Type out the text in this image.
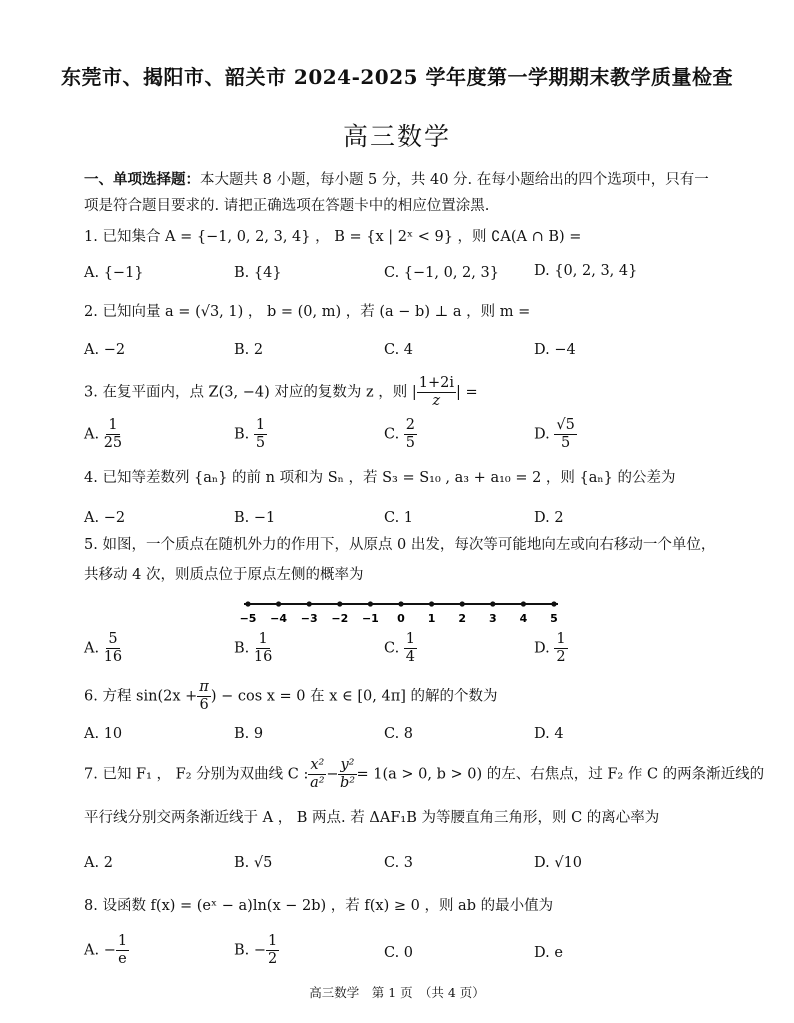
东莞市、揭阳市、韶关市 2024-2025 学年度第一学期期末教学质量检查
高三数学
一、单项选择题：本大题共 8 小题，每小题 5 分，共 40 分. 在每小题给出的四个选项中，只有一
项是符合题目要求的. 请把正确选项在答题卡中的相应位置涂黑.
1. 已知集合 A = {−1, 0, 2, 3, 4} ， B = {x | 2ˣ < 9} ，则 ∁A(A ∩ B) =
A. {−1}	B. {4}	C. {−1, 0, 2, 3} D. {0, 2, 3, 4}
2. 已知向量 a = (√3, 1) ， b = (0, m) ，若 (a − b) ⊥ a ，则 m =
A. −2	B. 2	C. 4	D. −4
3. 在复平面内，点 Z(3, −4) 对应的复数为 z ，则 | $\frac{1+2i}{z}$ | =
A. $\frac{1}{25}$	B. $\frac{1}{5}$	C. $\frac{2}{5}$	D. $\frac{√5}{5}$
4. 已知等差数列 {aₙ} 的前 n 项和为 Sₙ ，若 S₃ = S₁₀ , a₃ + a₁₀ = 2 ，则 {aₙ} 的公差为
A. −2	B. −1	C. 1	D. 2
5. 如图，一个质点在随机外力的作用下，从原点 0 出发，每次等可能地向左或向右移动一个单位，
共移动 4 次，则质点位于原点左侧的概率为
−5 −4 −3 −2 −1 0 1 2 3 4 5
A. $\frac{5}{16}$	B. $\frac{1}{16}$	C. $\frac{1}{4}$	D. $\frac{1}{2}$
6. 方程 $\sin(2x + \frac{\pi}{6}$ ) − cos x = 0 在 x ∈ [0, 4π] 的解的个数为
A. 10	B. 9	C. 8	D. 4
7. 已知 F₁ ， F₂ 分别为双曲线 C : $\frac{\text{x²}}{\text{a²}} - \frac{\text{y²}}{\text{b²}} = 1(a > 0$, b > 0) 的左、右焦点，过 F₂ 作 C 的两条渐近线的
平行线分别交两条渐近线于 A ， B 两点. 若 ΔAF₁B 为等腰直角三角形，则 C 的离心率为
A. 2	B. √5	C. 3	D. √10
8. 设函数 f(x) = (eˣ − a)ln(x − 2b) ，若 f(x) ≥ 0 ，则 ab 的最小值为
A. − $\frac{1}{e}$	B. − $\frac{1}{2}$	C. 0	D. e
高三数学　第 1 页　（共 4 页）
